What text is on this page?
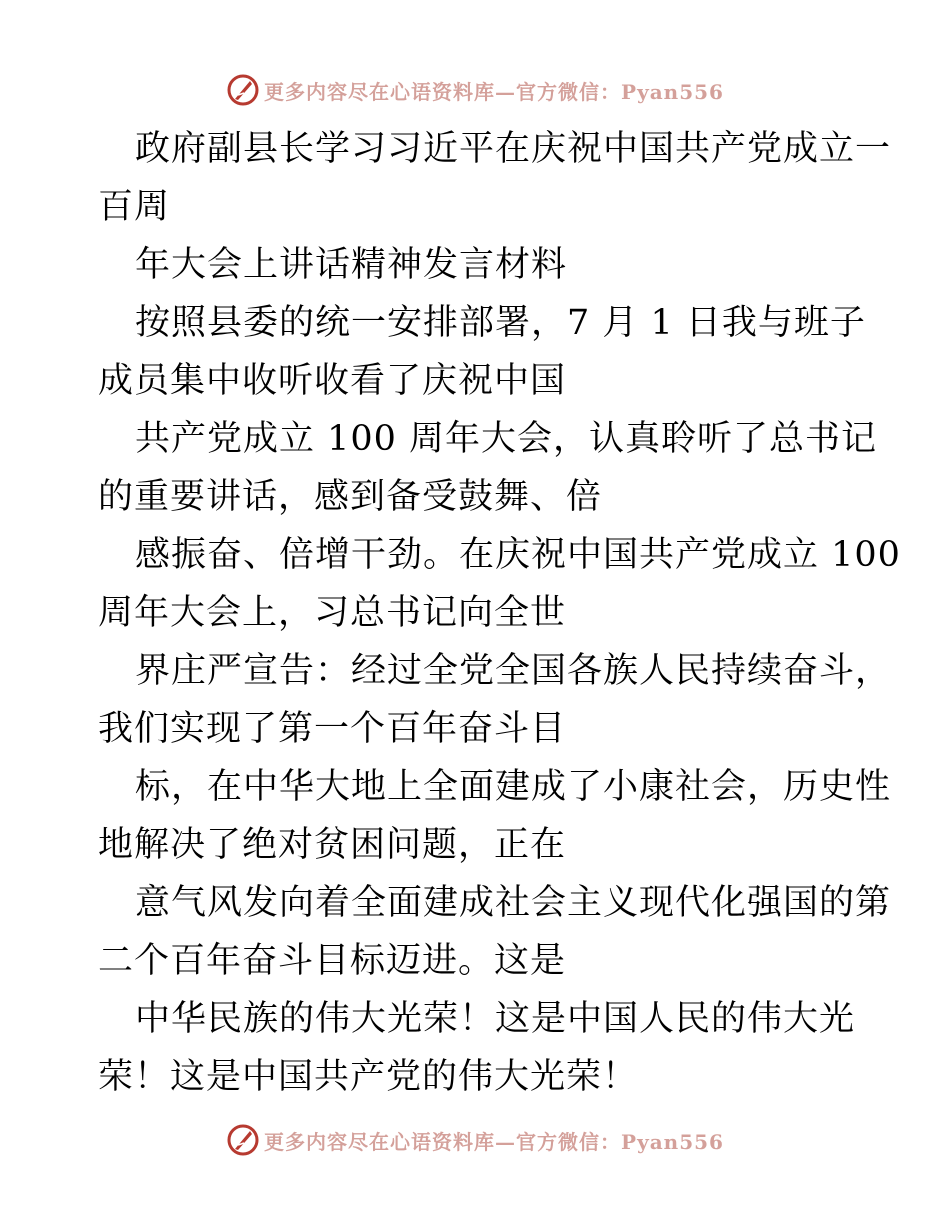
更多内容尽在心语资料库—官方微信：Pyan556
政府副县长学习习近平在庆祝中国共产党成立一
百周
年大会上讲话精神发言材料
按照县委的统一安排部署，7 月 1 日我与班子
成员集中收听收看了庆祝中国
共产党成立 100 周年大会，认真聆听了总书记
的重要讲话，感到备受鼓舞、倍
感振奋、倍增干劲。在庆祝中国共产党成立 100
周年大会上，习总书记向全世
界庄严宣告：经过全党全国各族人民持续奋斗，
我们实现了第一个百年奋斗目
标，在中华大地上全面建成了小康社会，历史性
地解决了绝对贫困问题，正在
意气风发向着全面建成社会主义现代化强国的第
二个百年奋斗目标迈进。这是
中华民族的伟大光荣！这是中国人民的伟大光
荣！这是中国共产党的伟大光荣！
更多内容尽在心语资料库—官方微信：Pyan556
